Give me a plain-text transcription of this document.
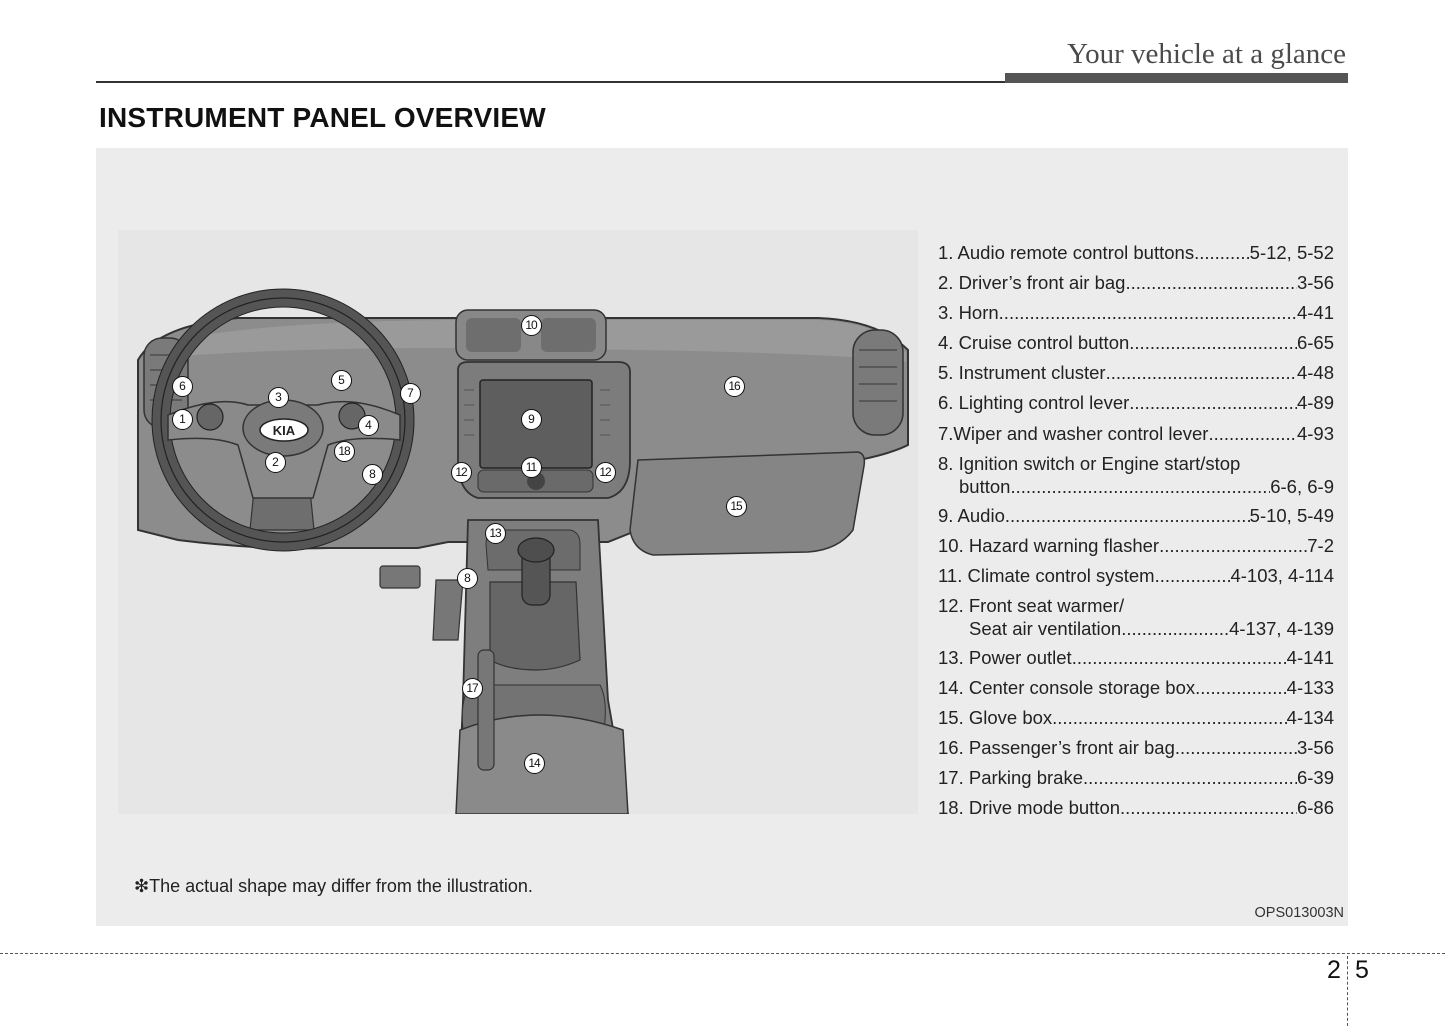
Your vehicle at a glance
INSTRUMENT PANEL OVERVIEW
KIA
1
2
3
4
5
6	7
8
8
9
10
11
12	12
13
14
15
16
17
18
1. Audio remote control buttons .....	5-12, 5-52
2. Driver’s front air bag .....	3-56
3. Horn .....	4-41
4. Cruise control button .....	6-65
5. Instrument cluster .....	4-48
6. Lighting control lever .....	4-89
7.Wiper and washer control lever .....	4-93
8. Ignition switch or Engine start/stop
button .....	6-6, 6-9
9. Audio .....	5-10, 5-49
10. Hazard warning flasher .....	7-2
11. Climate control system .....	4-103, 4-114
12. Front seat warmer/
Seat air ventilation .....	4-137, 4-139
13. Power outlet .....	4-141
14. Center console storage box .....	4-133
15. Glove box .....	4-134
16. Passenger’s front air bag .....	3-56
17. Parking brake .....	6-39
18. Drive mode button .....	6-86
❇The actual shape may differ from the illustration.
OPS013003N
2 5
